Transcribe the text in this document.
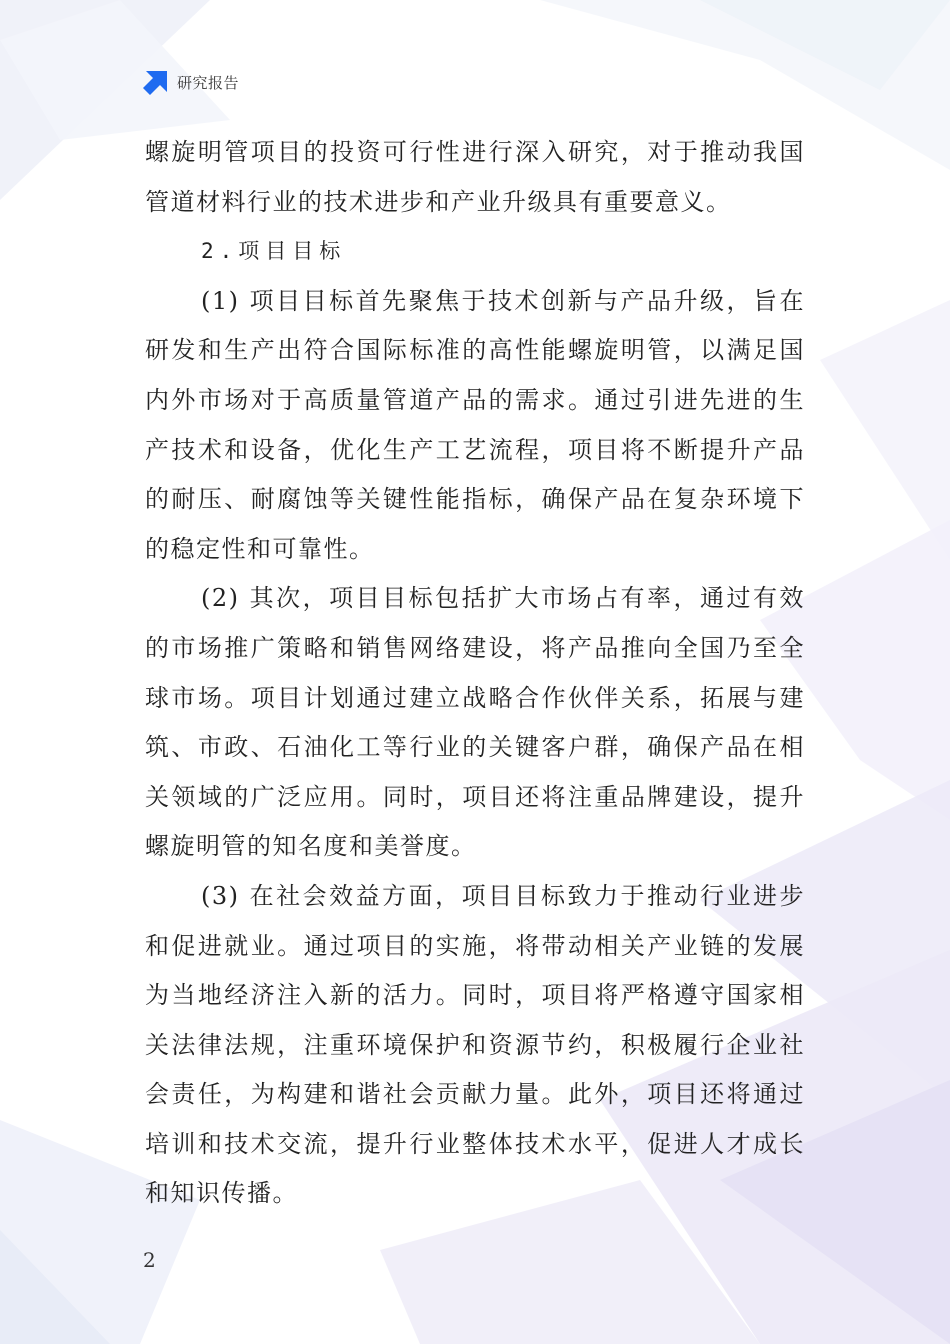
研究报告

螺旋明管项目的投资可行性进行深入研究，对于推动我国管道材料行业的技术进步和产业升级具有重要意义。

2.项目目标

(1) 项目目标首先聚焦于技术创新与产品升级，旨在研发和生产出符合国际标准的高性能螺旋明管，以满足国内外市场对于高质量管道产品的需求。通过引进先进的生产技术和设备，优化生产工艺流程，项目将不断提升产品的耐压、耐腐蚀等关键性能指标，确保产品在复杂环境下的稳定性和可靠性。

(2) 其次，项目目标包括扩大市场占有率，通过有效的市场推广策略和销售网络建设，将产品推向全国乃至全球市场。项目计划通过建立战略合作伙伴关系，拓展与建筑、市政、石油化工等行业的关键客户群，确保产品在相关领域的广泛应用。同时，项目还将注重品牌建设，提升螺旋明管的知名度和美誉度。

(3) 在社会效益方面，项目目标致力于推动行业进步和促进就业。通过项目的实施，将带动相关产业链的发展为当地经济注入新的活力。同时，项目将严格遵守国家相关法律法规，注重环境保护和资源节约，积极履行企业社会责任，为构建和谐社会贡献力量。此外，项目还将通过培训和技术交流，提升行业整体技术水平，促进人才成长和知识传播。

2
